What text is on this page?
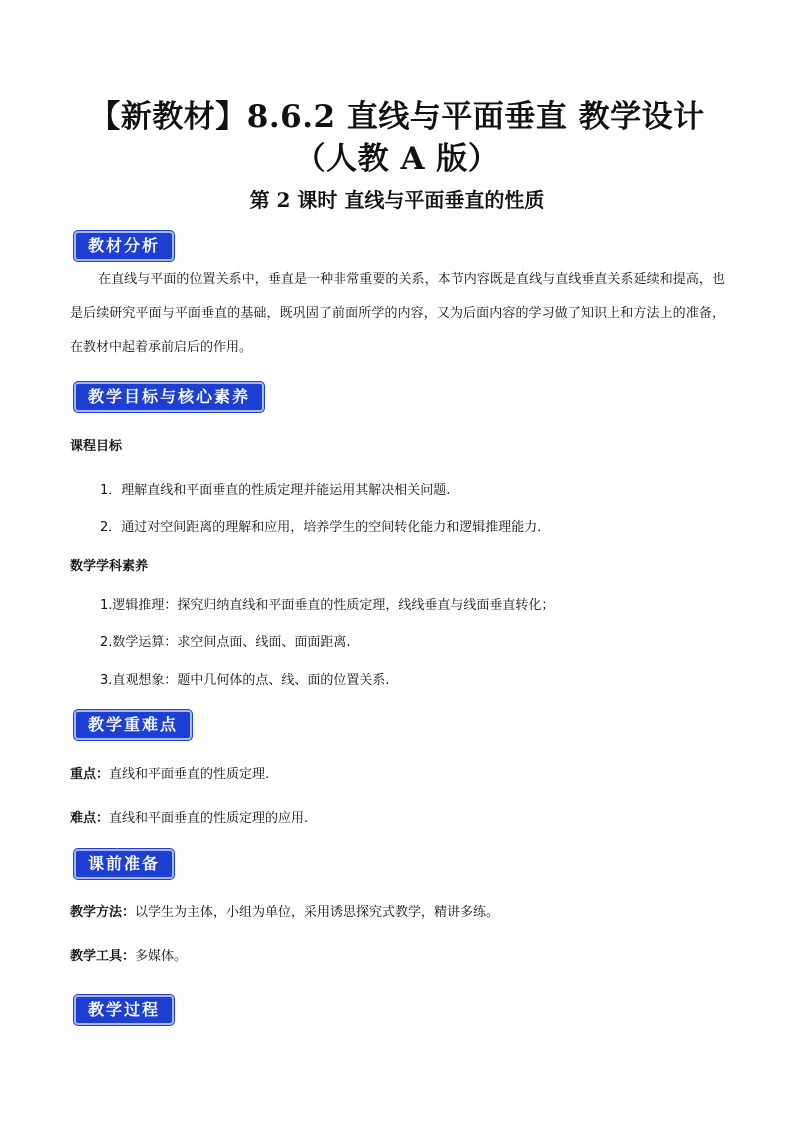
【新教材】8.6.2 直线与平面垂直 教学设计（人教 A 版）
第 2 课时 直线与平面垂直的性质
教材分析
在直线与平面的位置关系中，垂直是一种非常重要的关系，本节内容既是直线与直线垂直关系延续和提高，也是后续研究平面与平面垂直的基础，既巩固了前面所学的内容，又为后面内容的学习做了知识上和方法上的准备，在教材中起着承前启后的作用。
教学目标与核心素养
课程目标
1．理解直线和平面垂直的性质定理并能运用其解决相关问题.
2．通过对空间距离的理解和应用，培养学生的空间转化能力和逻辑推理能力．
数学学科素养
1.逻辑推理：探究归纳直线和平面垂直的性质定理，线线垂直与线面垂直转化；
2.数学运算：求空间点面、线面、面面距离.
3.直观想象：题中几何体的点、线、面的位置关系.
教学重难点
重点：直线和平面垂直的性质定理.
难点：直线和平面垂直的性质定理的应用.
课前准备
教学方法：以学生为主体，小组为单位，采用诱思探究式教学，精讲多练。
教学工具：多媒体。
教学过程
